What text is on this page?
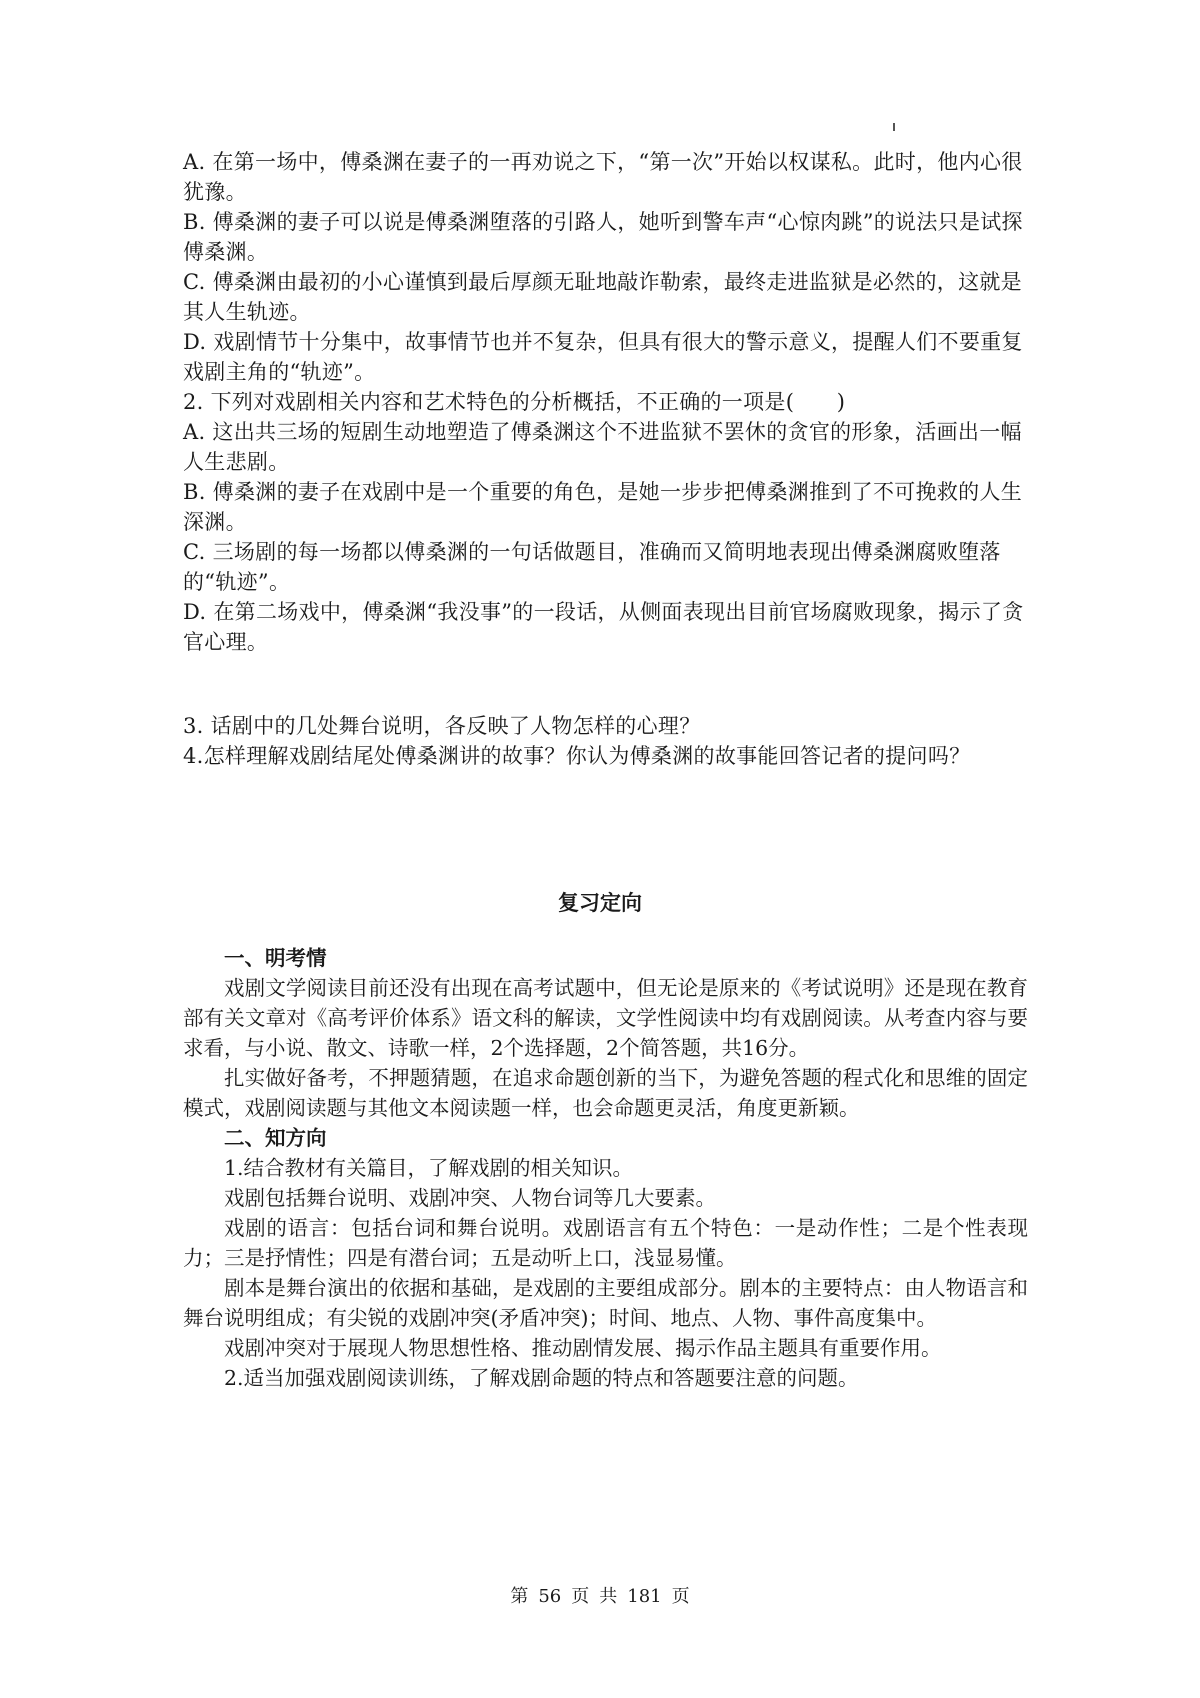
A. 在第一场中，傅桑渊在妻子的一再劝说之下，“第一次”开始以权谋私。此时，他内心很犹豫。
B. 傅桑渊的妻子可以说是傅桑渊堕落的引路人，她听到警车声“心惊肉跳”的说法只是试探傅桑渊。
C. 傅桑渊由最初的小心谨慎到最后厚颜无耻地敲诈勒索，最终走进监狱是必然的，这就是其人生轨迹。
D. 戏剧情节十分集中，故事情节也并不复杂，但具有很大的警示意义，提醒人们不要重复戏剧主角的“轨迹”。
2. 下列对戏剧相关内容和艺术特色的分析概括，不正确的一项是(　　)
A. 这出共三场的短剧生动地塑造了傅桑渊这个不进监狱不罢休的贪官的形象，活画出一幅人生悲剧。
B. 傅桑渊的妻子在戏剧中是一个重要的角色，是她一步步把傅桑渊推到了不可挽救的人生深渊。
C. 三场剧的每一场都以傅桑渊的一句话做题目，准确而又简明地表现出傅桑渊腐败堕落的“轨迹”。
D. 在第二场戏中，傅桑渊“我没事”的一段话，从侧面表现出目前官场腐败现象，揭示了贪官心理。
3. 话剧中的几处舞台说明，各反映了人物怎样的心理？
4.怎样理解戏剧结尾处傅桑渊讲的故事？你认为傅桑渊的故事能回答记者的提问吗？
复习定向

一、明考情

戏剧文学阅读目前还没有出现在高考试题中，但无论是原来的《考试说明》还是现在教育部有关文章对《高考评价体系》语文科的解读，文学性阅读中均有戏剧阅读。从考查内容与要求看，与小说、散文、诗歌一样，2个选择题，2个简答题，共16分。

扎实做好备考，不押题猜题，在追求命题创新的当下，为避免答题的程式化和思维的固定模式，戏剧阅读题与其他文本阅读题一样，也会命题更灵活，角度更新颖。

二、知方向

1.结合教材有关篇目，了解戏剧的相关知识。

戏剧包括舞台说明、戏剧冲突、人物台词等几大要素。

戏剧的语言：包括台词和舞台说明。戏剧语言有五个特色：一是动作性；二是个性表现力；三是抒情性；四是有潜台词；五是动听上口，浅显易懂。

剧本是舞台演出的依据和基础，是戏剧的主要组成部分。剧本的主要特点：由人物语言和舞台说明组成；有尖锐的戏剧冲突(矛盾冲突)；时间、地点、人物、事件高度集中。

戏剧冲突对于展现人物思想性格、推动剧情发展、揭示作品主题具有重要作用。

2.适当加强戏剧阅读训练，了解戏剧命题的特点和答题要注意的问题。

第 56 页 共 181 页
